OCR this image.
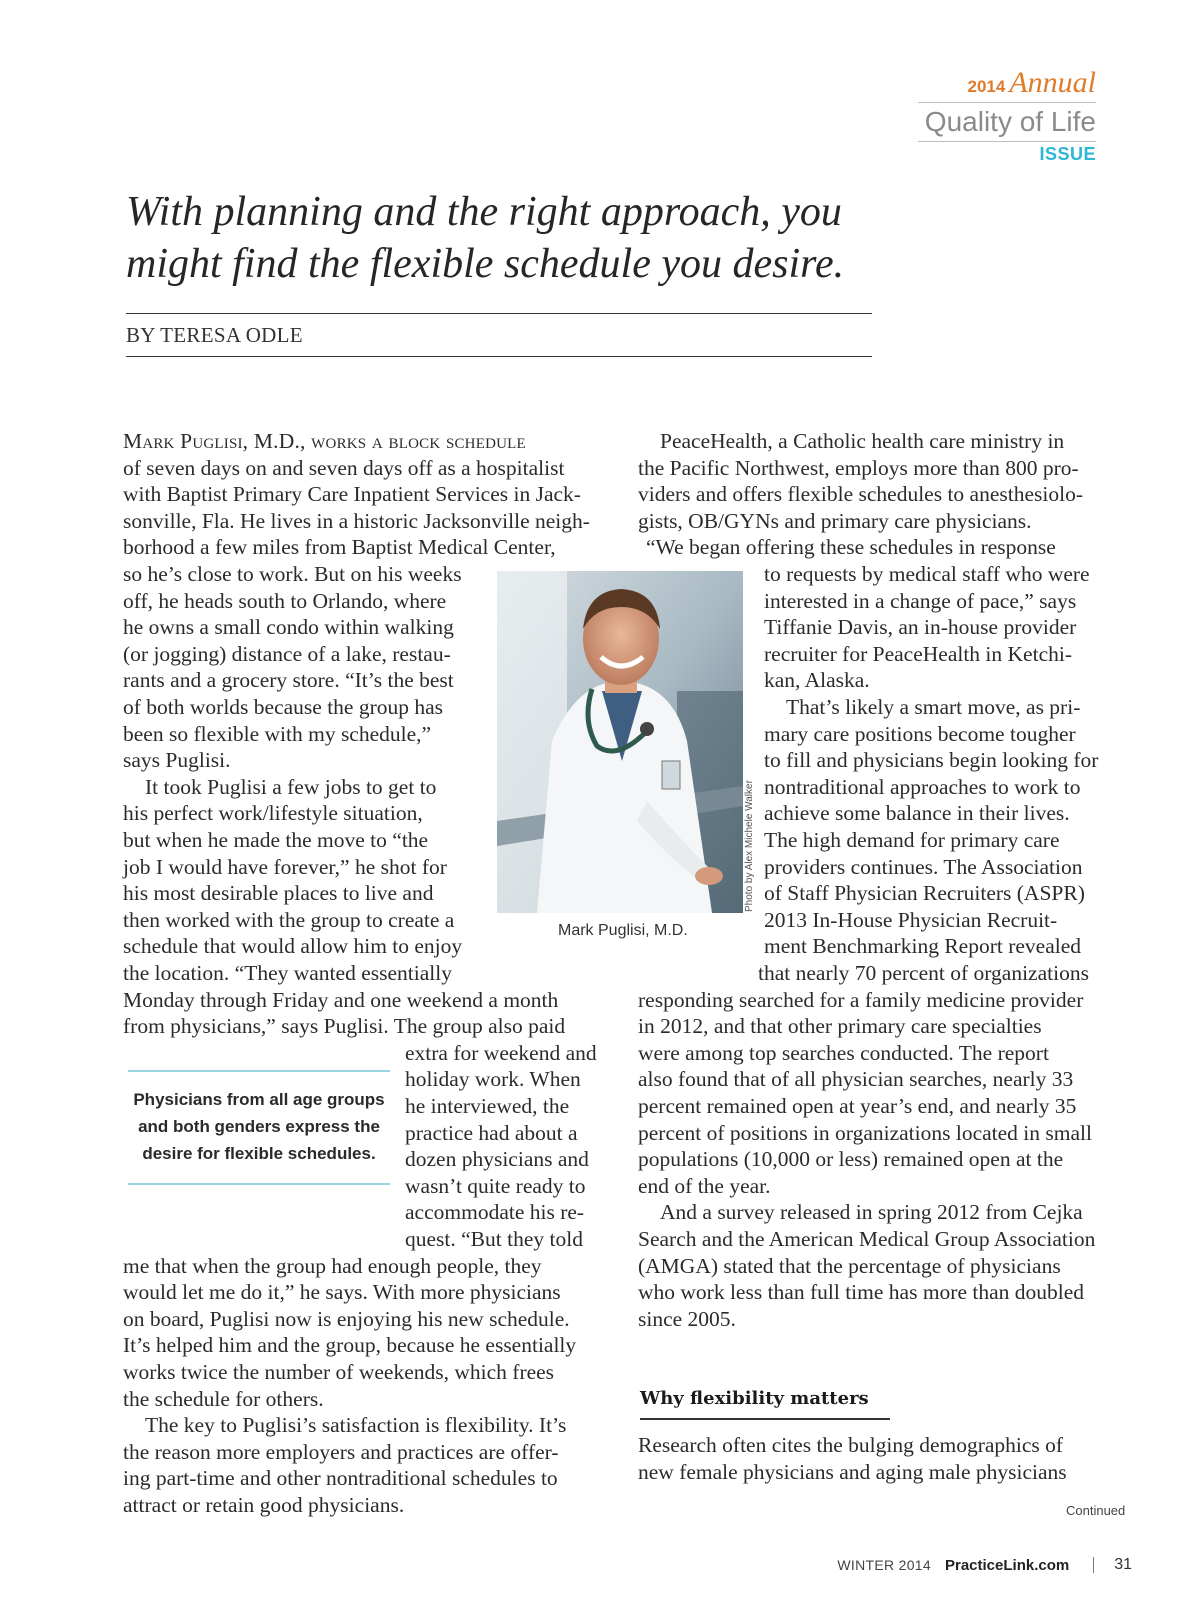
2014 Annual
Quality of Life
ISSUE
With planning and the right approach, you
might find the flexible schedule you desire.
BY TERESA ODLE
Mark Puglisi, M.D., works a block schedule
of seven days on and seven days off as a hospitalist
with Baptist Primary Care Inpatient Services in Jack-
sonville, Fla. He lives in a historic Jacksonville neigh-
borhood a few miles from Baptist Medical Center,
so he’s close to work. But on his weeks
off, he heads south to Orlando, where
he owns a small condo within walking
(or jogging) distance of a lake, restau-
rants and a grocery store. “It’s the best
of both worlds because the group has
been so flexible with my schedule,”
says Puglisi.
It took Puglisi a few jobs to get to
his perfect work/lifestyle situation,
but when he made the move to “the
job I would have forever,” he shot for
his most desirable places to live and
then worked with the group to create a
schedule that would allow him to enjoy
the location. “They wanted essentially
Monday through Friday and one weekend a month
from physicians,” says Puglisi. The group also paid
extra for weekend and
holiday work. When
he interviewed, the
practice had about a
dozen physicians and
wasn’t quite ready to
accommodate his re-
quest. “But they told
me that when the group had enough people, they
would let me do it,” he says. With more physicians
on board, Puglisi now is enjoying his new schedule.
It’s helped him and the group, because he essentially
works twice the number of weekends, which frees
the schedule for others.
The key to Puglisi’s satisfaction is flexibility. It’s
the reason more employers and practices are offer-
ing part-time and other nontraditional schedules to
attract or retain good physicians.
PeaceHealth, a Catholic health care ministry in
the Pacific Northwest, employs more than 800 pro-
viders and offers flexible schedules to anesthesiolo-
gists, OB/GYNs and primary care physicians.
“We began offering these schedules in response
to requests by medical staff who were
interested in a change of pace,” says
Tiffanie Davis, an in-house provider
recruiter for PeaceHealth in Ketchi-
kan, Alaska.
That’s likely a smart move, as pri-
mary care positions become tougher
to fill and physicians begin looking for
nontraditional approaches to work to
achieve some balance in their lives.
The high demand for primary care
providers continues. The Association
of Staff Physician Recruiters (ASPR)
2013 In-House Physician Recruit-
ment Benchmarking Report revealed
that nearly 70 percent of organizations
responding searched for a family medicine provider
in 2012, and that other primary care specialties
were among top searches conducted. The report
also found that of all physician searches, nearly 33
percent remained open at year’s end, and nearly 35
percent of positions in organizations located in small
populations (10,000 or less) remained open at the
end of the year.
And a survey released in spring 2012 from Cejka
Search and the American Medical Group Association
(AMGA) stated that the percentage of physicians
who work less than full time has more than doubled
since 2005.
Photo by Alex Michele Walker
Mark Puglisi, M.D.
Physicians from all age groups and both genders express the desire for flexible schedules.
Why flexibility matters
Research often cites the bulging demographics of
new female physicians and aging male physicians
Continued
WINTER 2014 PracticeLink.com	31
